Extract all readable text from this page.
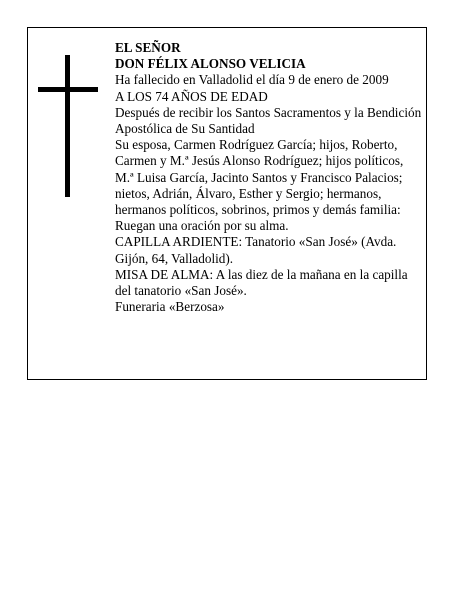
EL SEÑOR

DON FÉLIX ALONSO VELICIA

Ha fallecido en Valladolid el día 9 de enero de 2009

A LOS 74 AÑOS DE EDAD

Después de recibir los Santos Sacramentos y la Bendición Apostólica de Su Santidad

Su esposa, Carmen Rodríguez García; hijos, Roberto, Carmen y M.ª Jesús Alonso Rodríguez; hijos políticos, M.ª Luisa García, Jacinto Santos y Francisco Palacios; nietos, Adrián, Álvaro, Esther y Sergio; hermanos, hermanos políticos, sobrinos, primos y demás familia:

Ruegan una oración por su alma.

CAPILLA ARDIENTE: Tanatorio «San José» (Avda. Gijón, 64, Valladolid).

MISA DE ALMA: A las diez de la mañana en la capilla del tanatorio «San José».

Funeraria «Berzosa»
